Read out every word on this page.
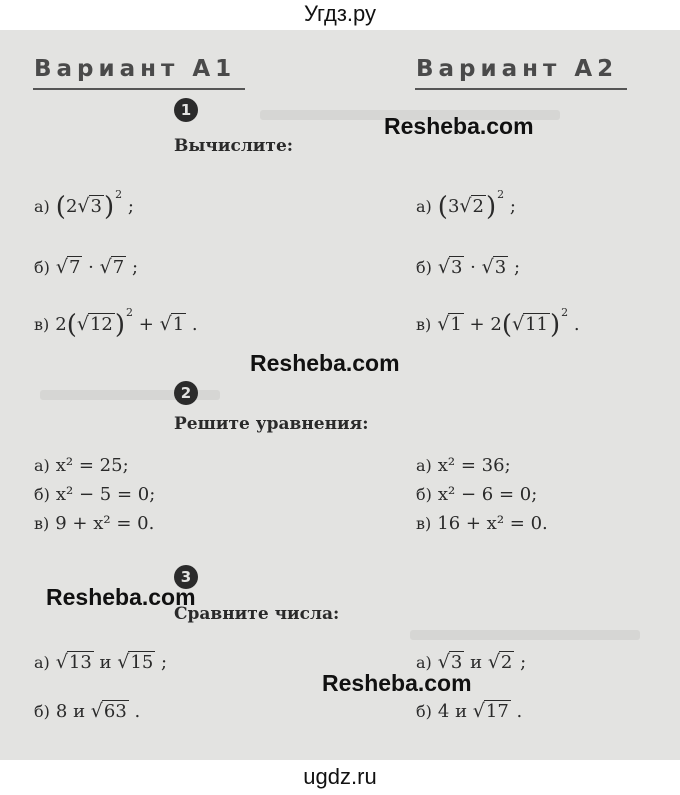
Угдз.ру
Вариант А1	Вариант А2
1
Resheba.com
Вычислите:
а) $(2√3)^2$ ;
б) √7 · √7 ;
в) $2(√12)^2 + √1$ .
а) $(3√2)^2$ ;
б) √3 · √3 ;
в) $√1 + 2(√11)^2$ .
Resheba.com
2
Решите уравнения:
а) x² = 25;
б) x² − 5 = 0;
в) 9 + x² = 0.
а) x² = 36;
б) x² − 6 = 0;
в) 16 + x² = 0.
3
Resheba.com
Сравните числа:
а) √13 и √15 ;
б) 8 и √63 .
Resheba.com
а) √3 и √2 ;
б) 4 и √17 .
ugdz.ru
